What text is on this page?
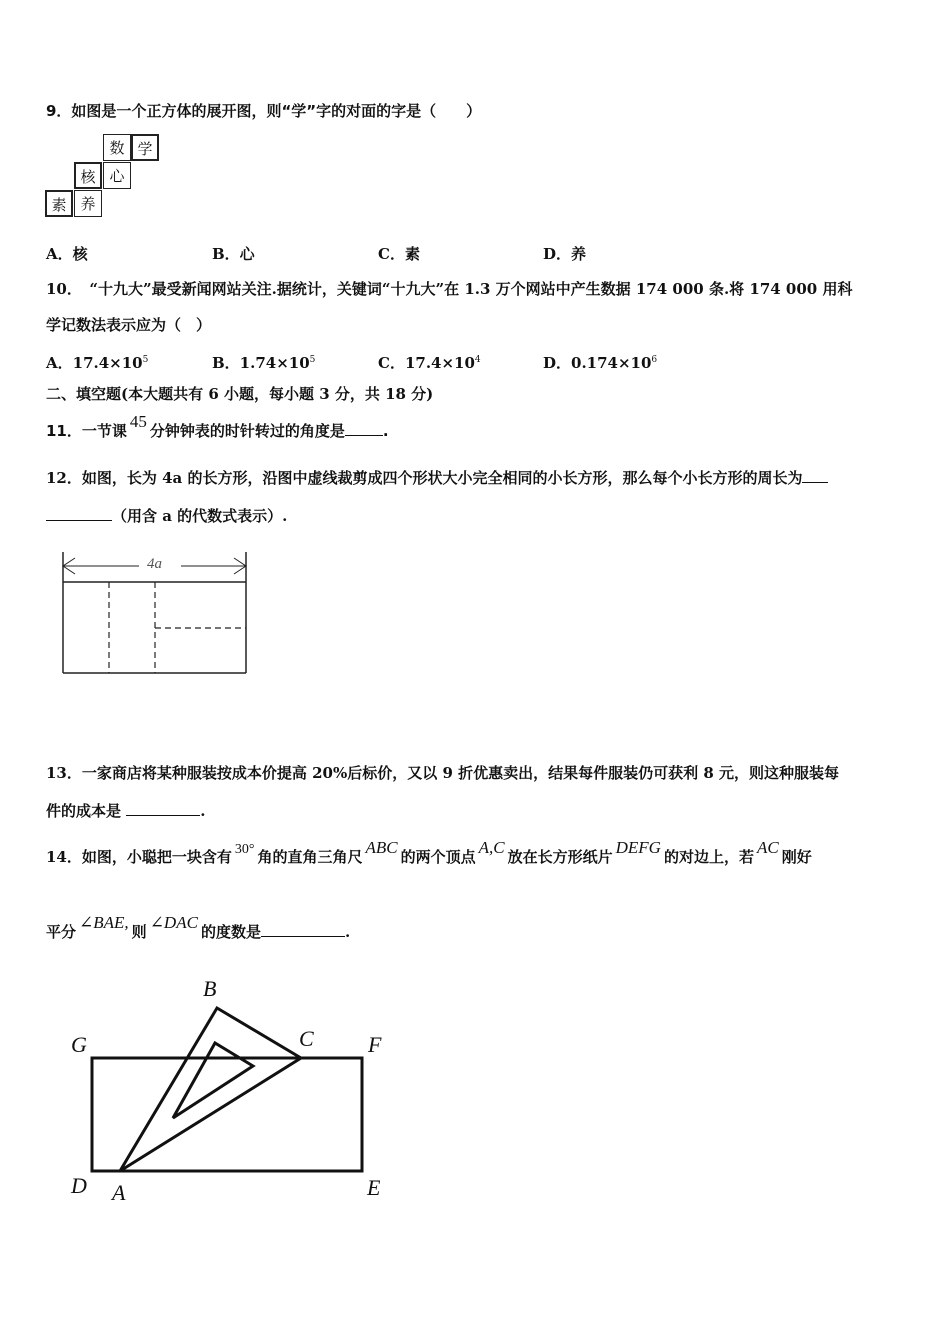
9．如图是一个正方体的展开图，则“学”字的对面的字是（　　）
数 学
核 心
素 养
A．核	B．心	C．素	D．养
10．　“十九大”最受新闻网站关注.据统计，关键词“十九大”在 1.3 万个网站中产生数据 174 000 条.将 174 000 用科
学记数法表示应为（　）
A．$17.4\times 10^5$	B．$1.74\times 10^5$	C．$17.4\times 10^4$	D．$0.174\times 10^6$
二、填空题(本大题共有 6 小题，每小题 3 分，共 18 分)
11．一节课 45 分钟钟表的时针转过的角度是	.
12．如图，长为 4a 的长方形，沿图中虚线裁剪成四个形状大小完全相同的小长方形，那么每个小长方形的周长为
（用含 a 的代数式表示）.
4a
13．一家商店将某种服装按成本价提高 20%后标价，又以 9 折优惠卖出，结果每件服装仍可获利 8 元，则这种服装每
件的成本是	.
14．如图，小聪把一块含有 30° 角的直角三角尺 ABC 的两个顶点 A,C 放在长方形纸片 DEFG 的对边上，若 AC 刚好
平分 ∠BAE, 则 ∠DAC 的度数是	.
B
G	C F
D A	E
